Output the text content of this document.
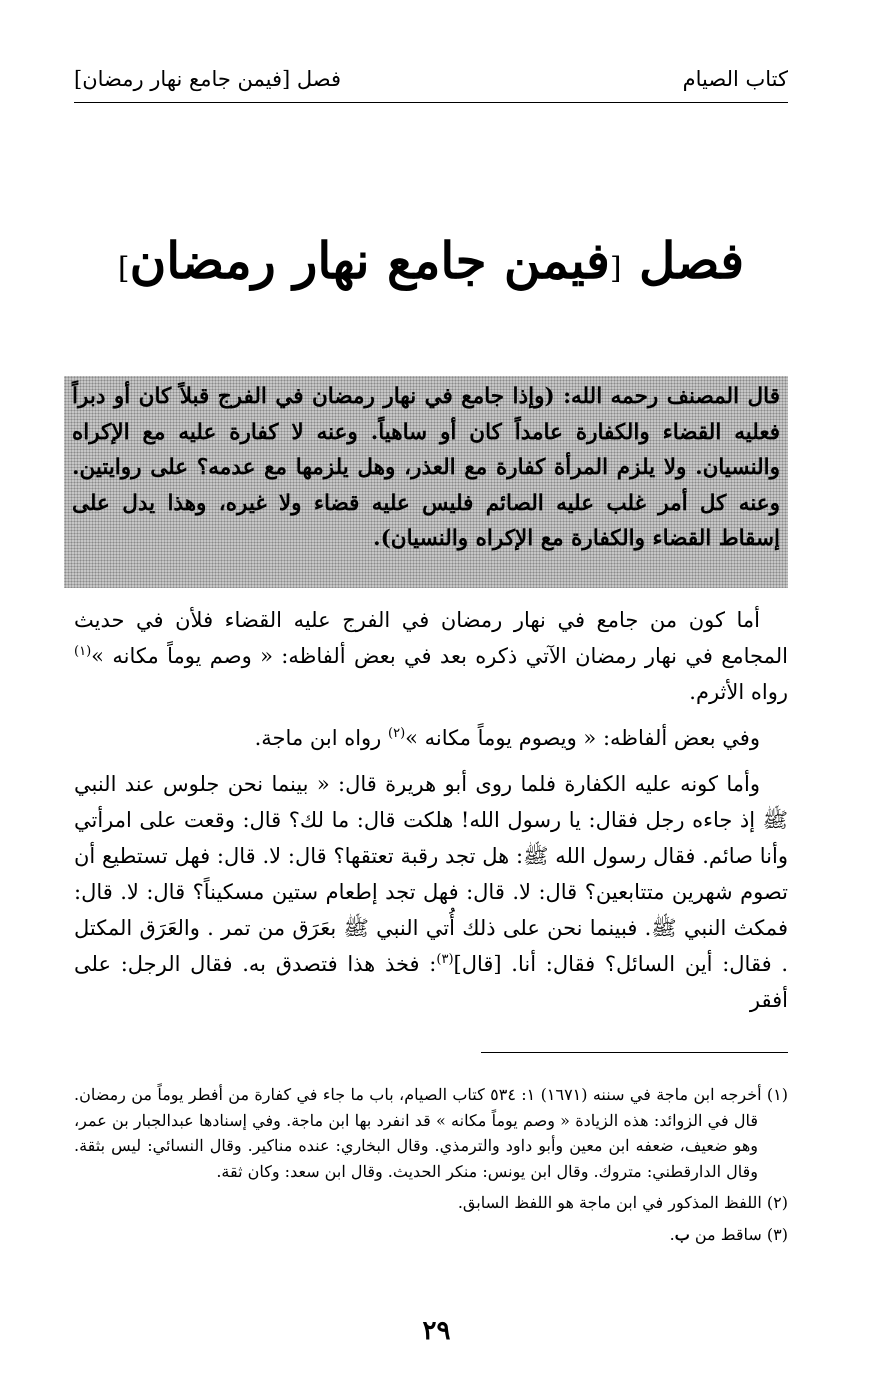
كتاب الصيام
فصل [فيمن جامع نهار رمضان]
فصل [فيمن جامع نهار رمضان]
قال المصنف رحمه الله: (وإذا جامع في نهار رمضان في الفرج قبلاً كان أو دبراً فعليه القضاء والكفارة عامداً كان أو ساهياً. وعنه لا كفارة عليه مع الإكراه والنسيان. ولا يلزم المرأة كفارة مع العذر، وهل يلزمها مع عدمه؟ على روايتين. وعنه كل أمر غلب عليه الصائم فليس عليه قضاء ولا غيره، وهذا يدل على إسقاط القضاء والكفارة مع الإكراه والنسيان).

أما كون من جامع في نهار رمضان في الفرج عليه القضاء فلأن في حديث المجامع في نهار رمضان الآتي ذكره بعد في بعض ألفاظه: « وصم يوماً مكانه »$^{(١)}$ رواه الأثرم.

وفي بعض ألفاظه: « ويصوم يوماً مكانه »$^{(٢)}$ رواه ابن ماجة.

وأما كونه عليه الكفارة فلما روى أبو هريرة قال: « بينما نحن جلوس عند النبي ﷺ إذ جاءه رجل فقال: يا رسول الله! هلكت قال: ما لك؟ قال: وقعت على امرأتي وأنا صائم. فقال رسول الله ﷺ: هل تجد رقبة تعتقها؟ قال: لا. قال: فهل تستطيع أن تصوم شهرين متتابعين؟ قال: لا. قال: فهل تجد إطعام ستين مسكيناً؟ قال: لا. قال: فمكث النبي ﷺ. فبينما نحن على ذلك أُتي النبي ﷺ بعَرَق من تمر . والعَرَق المكتل . فقال: أين السائل؟ فقال: أنا. [قال]$^{(٣)}$: فخذ هذا فتصدق به. فقال الرجل: على أفقر

(١) أخرجه ابن ماجة في سننه (١٦٧١) ١: ٥٣٤ كتاب الصيام، باب ما جاء في كفارة من أفطر يوماً من رمضان. قال في الزوائد: هذه الزيادة « وصم يوماً مكانه » قد انفرد بها ابن ماجة. وفي إسنادها عبدالجبار بن عمر، وهو ضعيف، ضعفه ابن معين وأبو داود والترمذي. وقال البخاري: عنده مناكير. وقال النسائي: ليس بثقة. وقال الدارقطني: متروك. وقال ابن يونس: منكر الحديث. وقال ابن سعد: وكان ثقة.

(٢) اللفظ المذكور في ابن ماجة هو اللفظ السابق.

(٣) ساقط من ب.

٢٩
